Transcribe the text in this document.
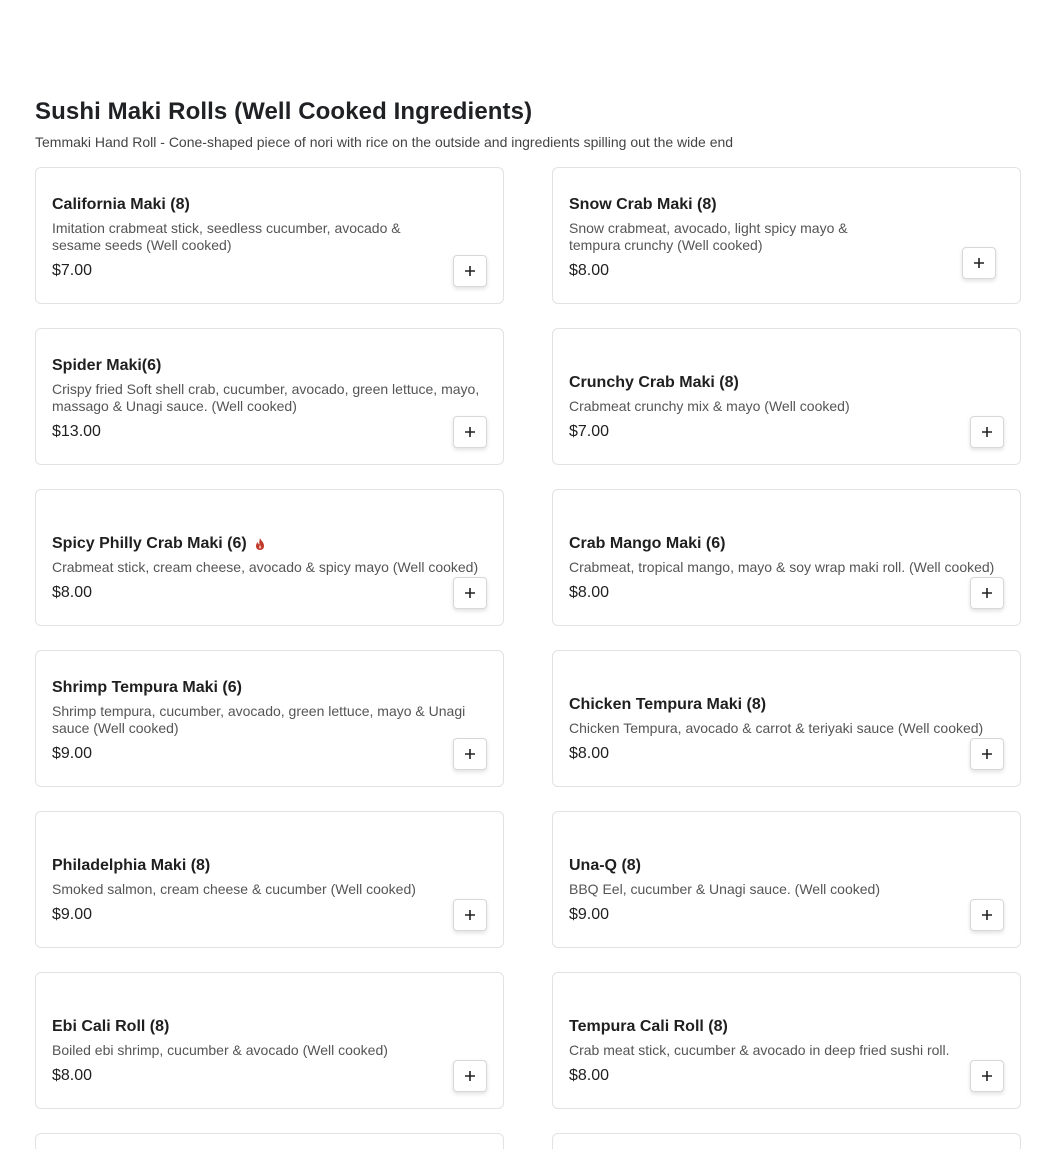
Sushi Maki Rolls (Well Cooked Ingredients)

Temmaki Hand Roll - Cone-shaped piece of nori with rice on the outside and ingredients spilling out the wide end

California Maki (8)
Imitation crabmeat stick, seedless cucumber, avocado & sesame seeds (Well cooked)
$7.00
Snow Crab Maki (8)
Snow crabmeat, avocado, light spicy mayo & tempura crunchy (Well cooked)
$8.00
Spider Maki(6)
Crispy fried Soft shell crab, cucumber, avocado, green lettuce, mayo, massago & Unagi sauce. (Well cooked)
$13.00
Crunchy Crab Maki (8)
Crabmeat crunchy mix & mayo (Well cooked)
$7.00
Spicy Philly Crab Maki (6)
Crabmeat stick, cream cheese, avocado & spicy mayo (Well cooked)
$8.00
Crab Mango Maki (6)
Crabmeat, tropical mango, mayo & soy wrap maki roll. (Well cooked)
$8.00
Shrimp Tempura Maki (6)
Shrimp tempura, cucumber, avocado, green lettuce, mayo & Unagi sauce (Well cooked)
$9.00
Chicken Tempura Maki (8)
Chicken Tempura, avocado & carrot & teriyaki sauce (Well cooked)
$8.00
Philadelphia Maki (8)
Smoked salmon, cream cheese & cucumber (Well cooked)
$9.00
Una-Q (8)
BBQ Eel, cucumber & Unagi sauce. (Well cooked)
$9.00
Ebi Cali Roll (8)
Boiled ebi shrimp, cucumber & avocado (Well cooked)
$8.00
Tempura Cali Roll (8)
Crab meat stick, cucumber & avocado in deep fried sushi roll.
$8.00
